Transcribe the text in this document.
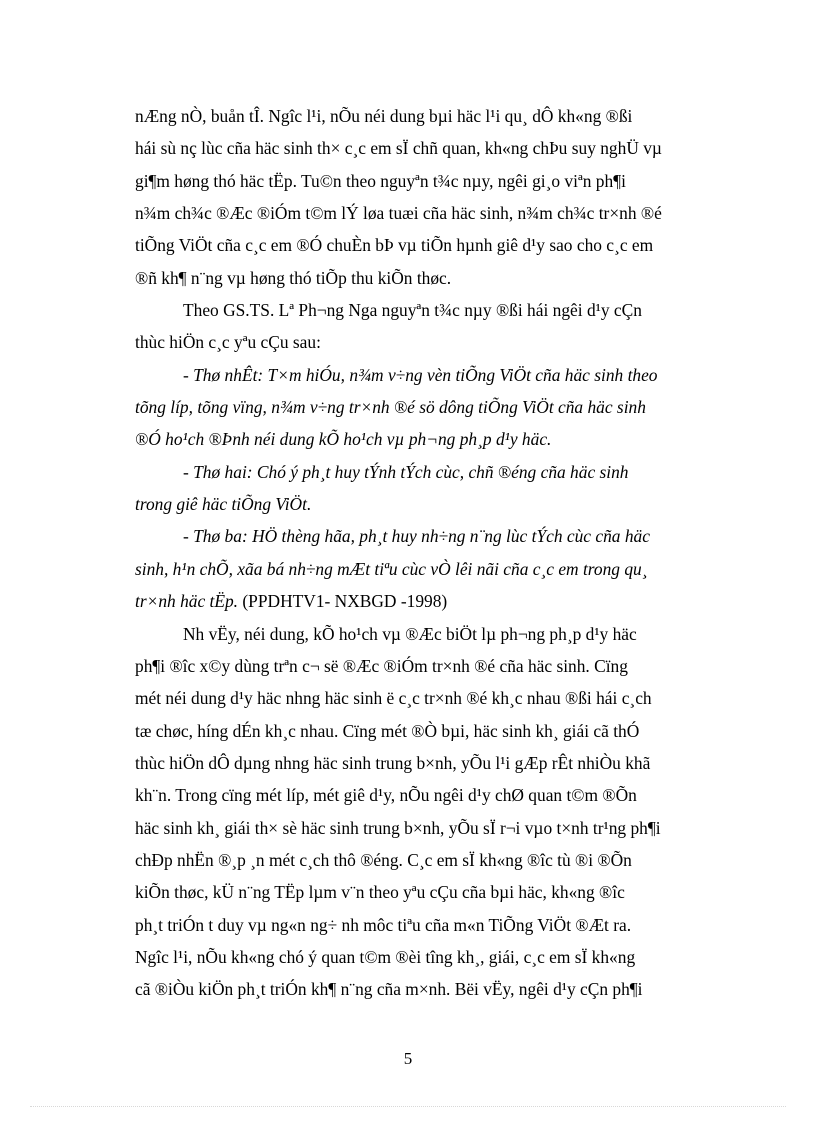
nÆng nÒ, buån tÎ. Ngîc l¹i, nÕu néi dung bµi häc l¹i qu¸ dÔ kh«ng ®ßi
hái sù nç lùc cña häc sinh th× c¸c em sÏ chñ quan, kh«ng chÞu suy nghÜ vµ
gi¶m høng thó häc tËp. Tu©n theo nguyªn t¾c nµy, ngêi gi¸o viªn ph¶i
n¾m ch¾c ®Æc ®iÓm t©m lÝ løa tuæi cña häc sinh, n¾m ch¾c tr×nh ®é
tiÕng ViÖt cña c¸c em ®Ó chuÈn bÞ vµ tiÕn hµnh giê d¹y sao cho c¸c em
®ñ kh¶ n¨ng vµ høng thó tiÕp thu kiÕn thøc.

Theo GS.TS. Lª Ph¬ng Nga nguyªn t¾c nµy ®ßi hái ngêi d¹y cÇn
thùc hiÖn c¸c yªu cÇu sau:

- Thø nhÊt: T×m hiÓu, n¾m v÷ng vèn tiÕng ViÖt cña häc sinh theo
tõng líp, tõng vïng, n¾m v÷ng tr×nh ®é sö dông tiÕng ViÖt cña häc sinh
®Ó ho¹ch ®Þnh néi dung kÕ ho¹ch vµ ph¬ng ph¸p d¹y häc.

- Thø hai: Chó ý ph¸t huy tÝnh tÝch cùc, chñ ®éng cña häc sinh
trong giê häc tiÕng ViÖt.

- Thø ba: HÖ thèng hãa, ph¸t huy nh÷ng n¨ng lùc tÝch cùc cña häc
sinh, h¹n chÕ, xãa bá nh÷ng mÆt tiªu cùc vÒ lêi nãi cña c¸c em trong qu¸
tr×nh häc tËp. (PPDHTV1- NXBGD -1998)

Nh vËy, néi dung, kÕ ho¹ch vµ ®Æc biÖt lµ ph¬ng ph¸p d¹y häc
ph¶i ®îc x©y dùng trªn c¬ së ®Æc ®iÓm tr×nh ®é cña häc sinh. Cïng
mét néi dung d¹y häc nhng häc sinh ë c¸c tr×nh ®é kh¸c nhau ®ßi hái c¸ch
tæ chøc, híng dÉn kh¸c nhau. Cïng mét ®Ò bµi, häc sinh kh¸ giái cã thÓ
thùc hiÖn dÔ dµng nhng häc sinh trung b×nh, yÕu l¹i gÆp rÊt nhiÒu khã
kh¨n. Trong cïng mét líp, mét giê d¹y, nÕu ngêi d¹y chØ quan t©m ®Õn
häc sinh kh¸ giái th× sè häc sinh trung b×nh, yÕu sÏ r¬i vµo t×nh tr¹ng ph¶i
chÐp nhËn ®¸p ¸n mét c¸ch thô ®éng. C¸c em sÏ kh«ng ®îc tù ®i ®Õn
kiÕn thøc, kÜ n¨ng TËp lµm v¨n theo yªu cÇu cña bµi häc, kh«ng ®îc
ph¸t triÓn t duy vµ ng«n ng÷ nh môc tiªu cña m«n TiÕng ViÖt ®Æt ra.
Ngîc l¹i, nÕu kh«ng chó ý quan t©m ®èi tîng kh¸, giái, c¸c em sÏ kh«ng
cã ®iÒu kiÖn ph¸t triÓn kh¶ n¨ng cña m×nh. Bëi vËy, ngêi d¹y cÇn ph¶i

5
